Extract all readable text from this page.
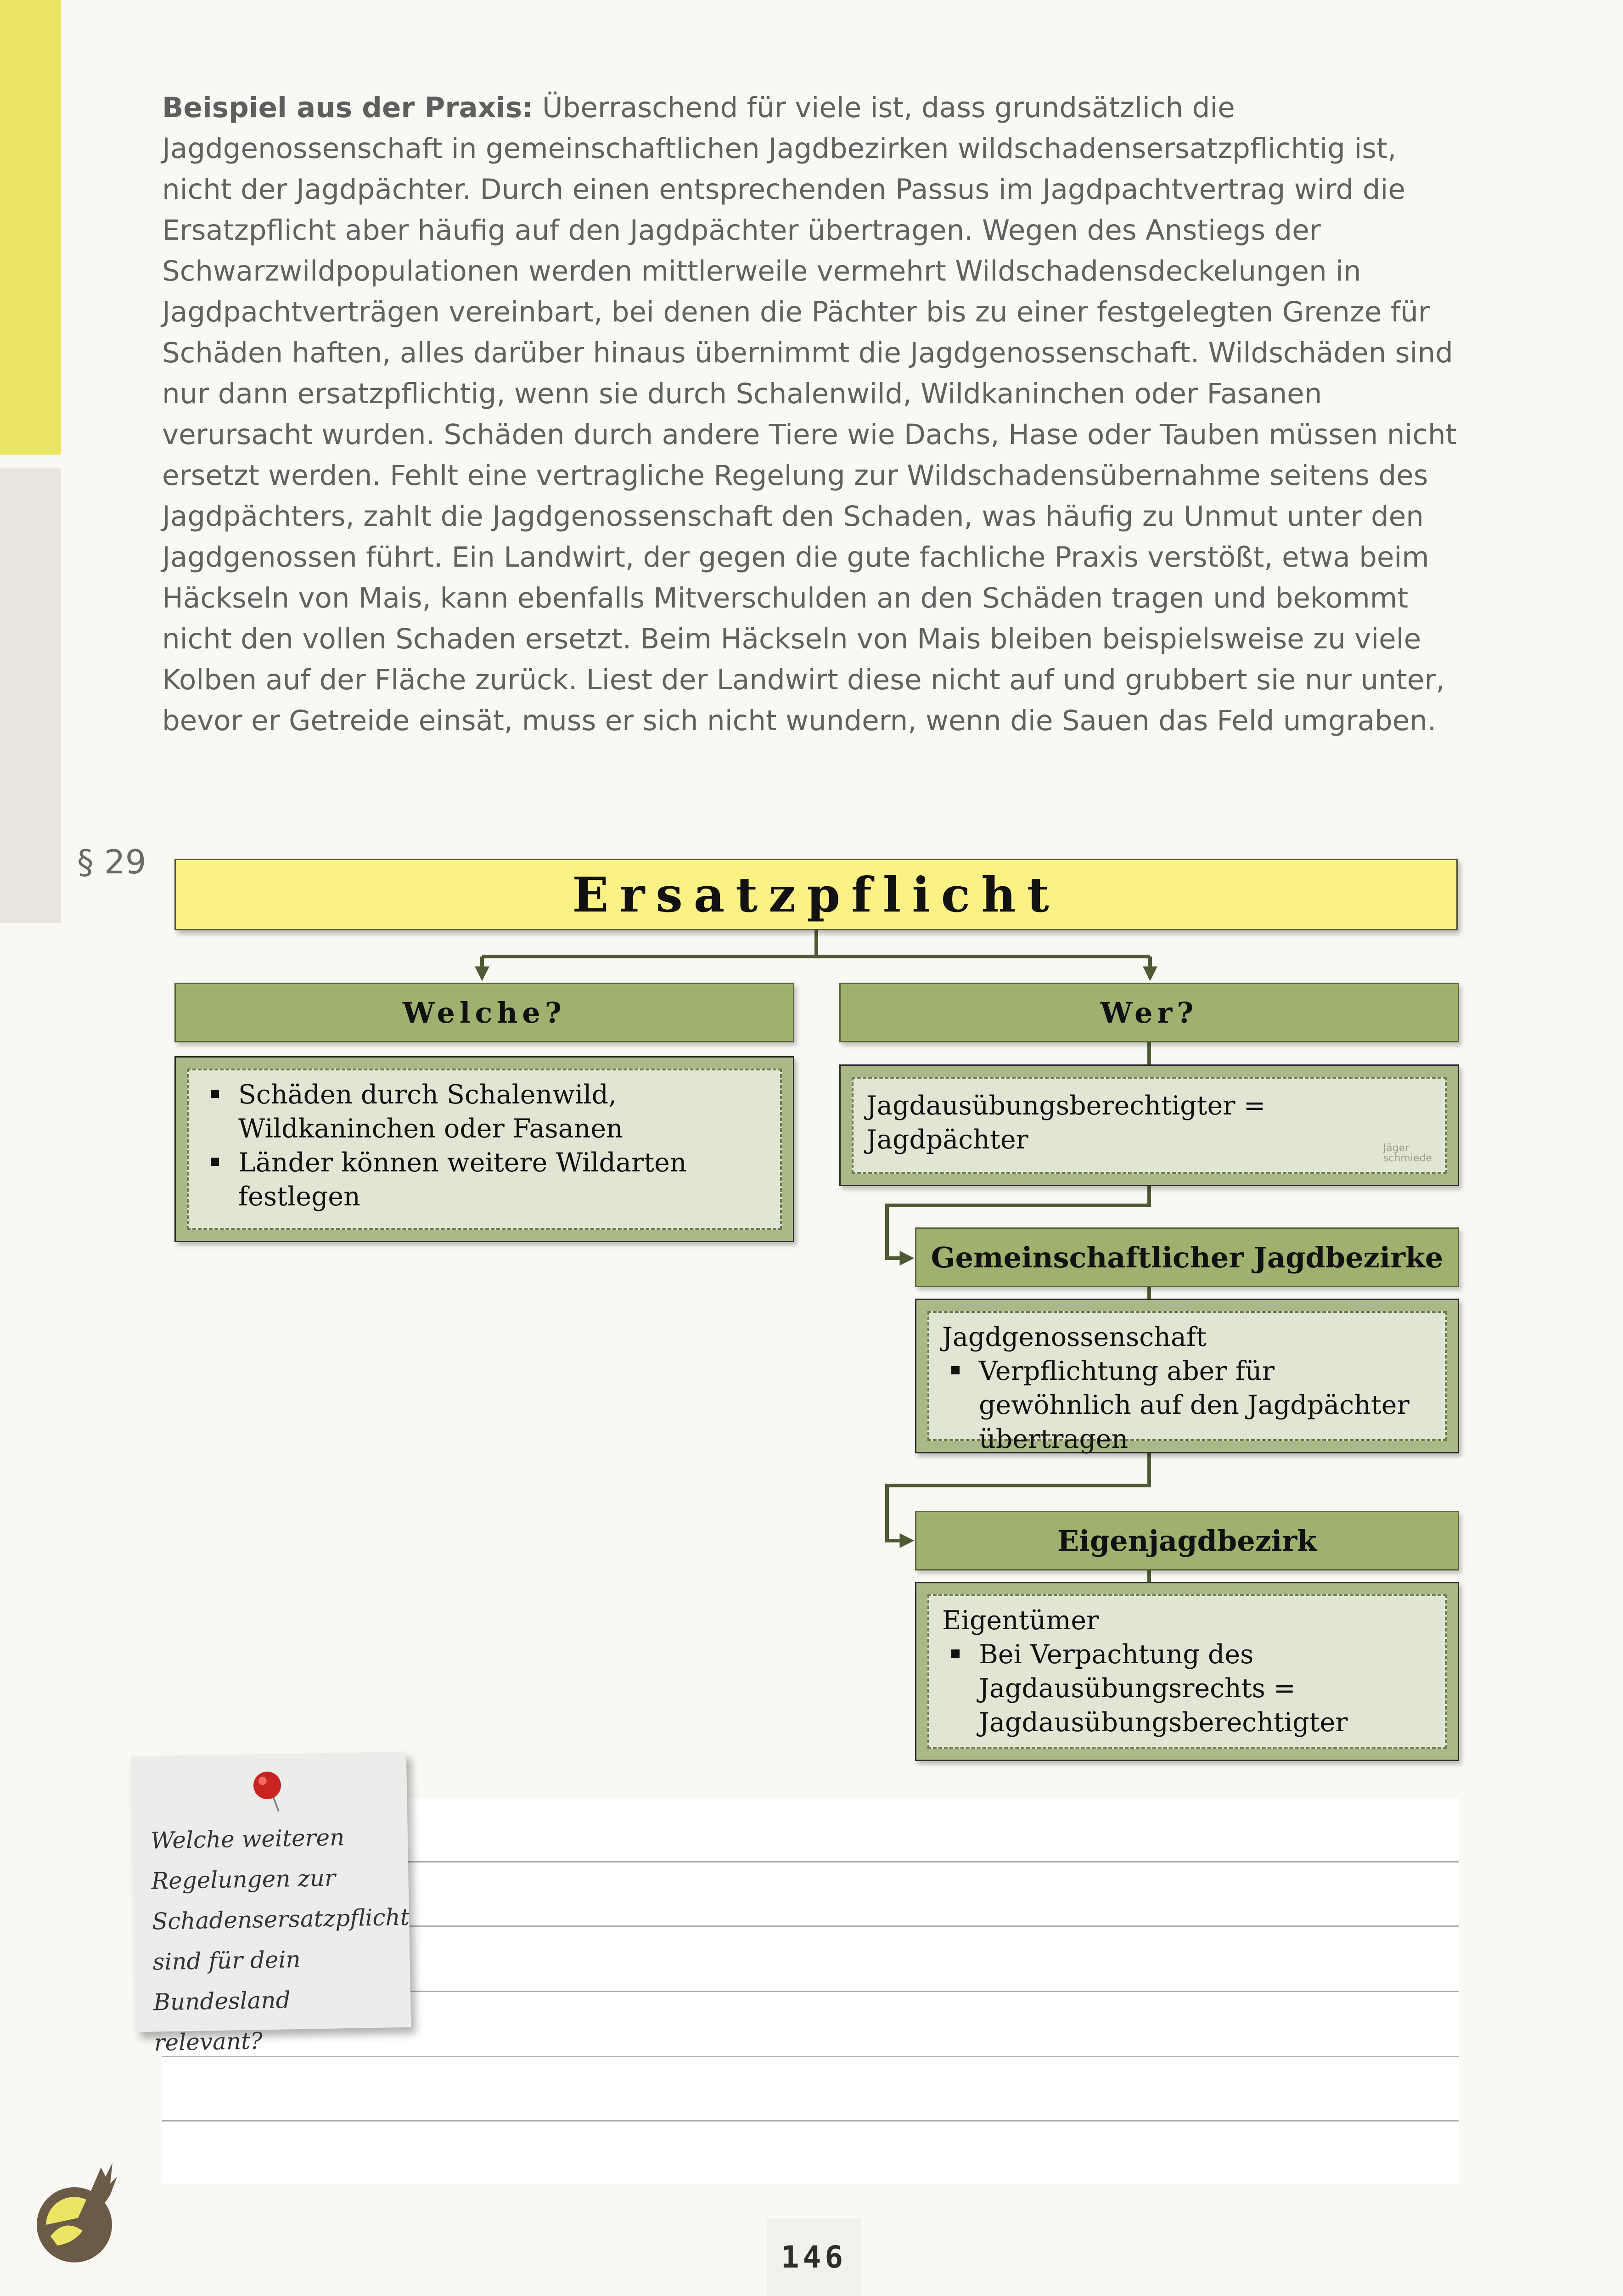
Beispiel aus der Praxis: Überraschend für viele ist, dass grundsätzlich die Jagdgenossenschaft in gemeinschaftlichen Jagdbezirken wildschadensersatzpflichtig ist, nicht der Jagdpächter. Durch einen entsprechenden Passus im Jagdpachtvertrag wird die Ersatzpflicht aber häufig auf den Jagdpächter übertragen. Wegen des Anstiegs der Schwarzwildpopulationen werden mittlerweile vermehrt Wildschadensdeckelungen in Jagdpachtverträgen vereinbart, bei denen die Pächter bis zu einer festgelegten Grenze für Schäden haften, alles darüber hinaus übernimmt die Jagdgenossenschaft. Wildschäden sind nur dann ersatzpflichtig, wenn sie durch Schalenwild, Wildkaninchen oder Fasanen verursacht wurden. Schäden durch andere Tiere wie Dachs, Hase oder Tauben müssen nicht ersetzt werden. Fehlt eine vertragliche Regelung zur Wildschadensübernahme seitens des Jagdpächters, zahlt die Jagdgenossenschaft den Schaden, was häufig zu Unmut unter den Jagdgenossen führt. Ein Landwirt, der gegen die gute fachliche Praxis verstößt, etwa beim Häckseln von Mais, kann ebenfalls Mitverschulden an den Schäden tragen und bekommt nicht den vollen Schaden ersetzt. Beim Häckseln von Mais bleiben beispielsweise zu viele Kolben auf der Fläche zurück. Liest der Landwirt diese nicht auf und grubbert sie nur unter, bevor er Getreide einsät, muss er sich nicht wundern, wenn die Sauen das Feld umgraben.

§ 29
Ersatzpflicht
Welche?	Wer?
Schäden durch Schalenwild, Wildkaninchen oder Fasanen
Länder können weitere Wildarten festlegen
Jagdausübungsberechtigter = Jagdpächter	Jäger
schmiede
Gemeinschaftlicher Jagdbezirke
Jagdgenossenschaft
Verpflichtung aber für gewöhnlich auf den Jagdpächter übertragen
Eigenjagdbezirk
Eigentümer
Bei Verpachtung des Jagdausübungsrechts = Jagdausübungsberechtigter
Welche weiteren Regelungen zur Schadensersatzpflicht sind für dein Bundesland relevant?
146
